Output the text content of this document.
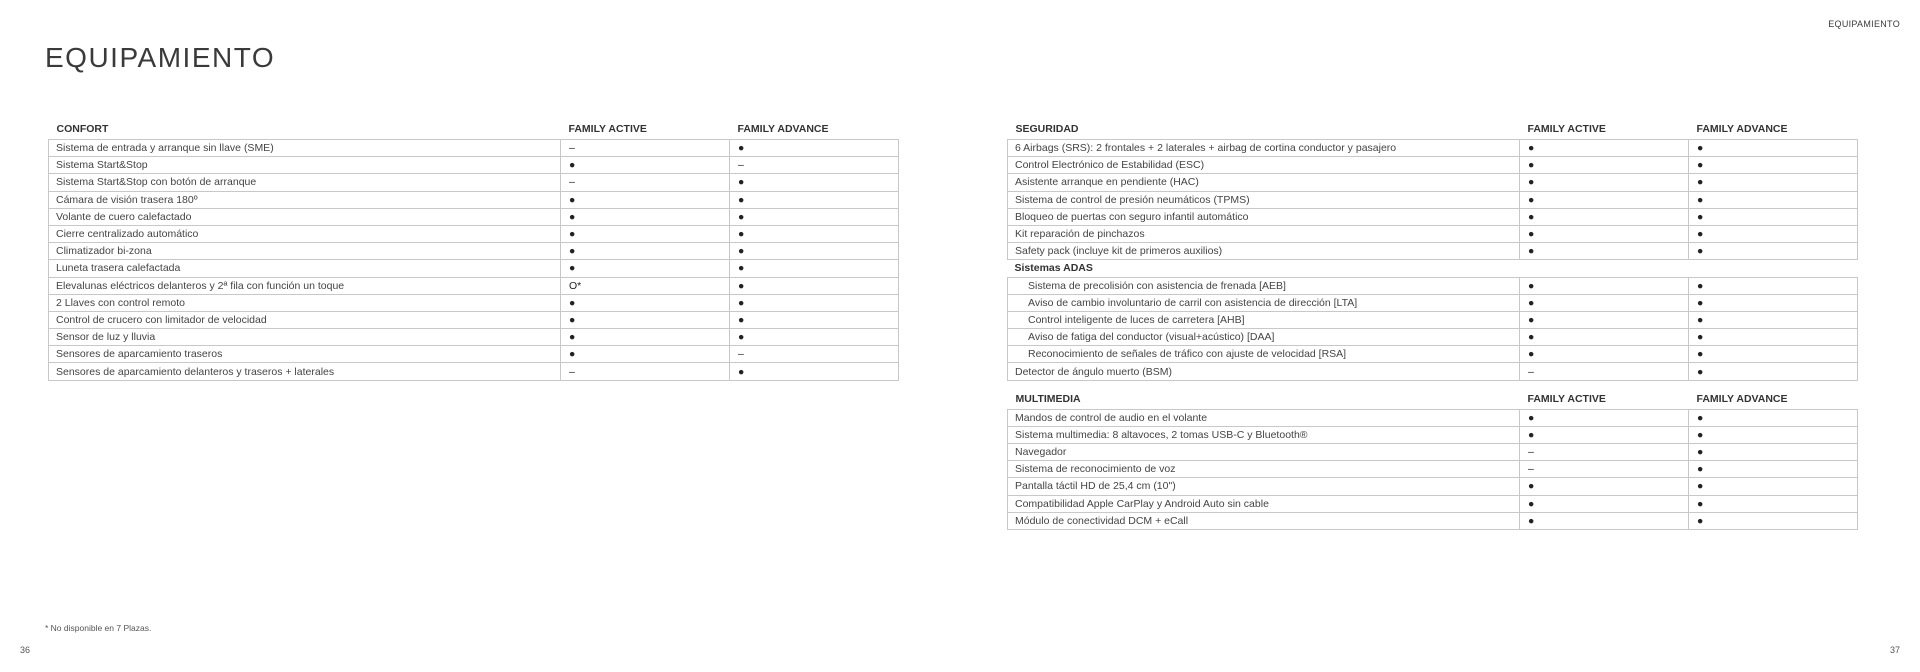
EQUIPAMIENTO
EQUIPAMIENTO
CONFORT	FAMILY ACTIVE	FAMILY ADVANCE
Sistema de entrada y arranque sin llave (SME)	–	●
Sistema Start&Stop	●	–
Sistema Start&Stop con botón de arranque	–	●
Cámara de visión trasera 180º	●	●
Volante de cuero calefactado	●	●
Cierre centralizado automático	●	●
Climatizador bi-zona	●	●
Luneta trasera calefactada	●	●
Elevalunas eléctricos delanteros y 2ª fila con función un toque	O*	●
2 Llaves con control remoto	●	●
Control de crucero con limitador de velocidad	●	●
Sensor de luz y lluvia	●	●
Sensores de aparcamiento traseros	●	–
Sensores de aparcamiento delanteros y traseros + laterales	–	●
SEGURIDAD	FAMILY ACTIVE	FAMILY ADVANCE
6 Airbags (SRS): 2 frontales + 2 laterales + airbag de cortina conductor y pasajero	●	●
Control Electrónico de Estabilidad (ESC)	●	●
Asistente arranque en pendiente (HAC)	●	●
Sistema de control de presión neumáticos (TPMS)	●	●
Bloqueo de puertas con seguro infantil automático	●	●
Kit reparación de pinchazos	●	●
Safety pack (incluye kit de primeros auxilios)	●	●
Sistemas ADAS		
Sistema de precolisión con asistencia de frenada [AEB]	●	●
Aviso de cambio involuntario de carril con asistencia de dirección [LTA]	●	●
Control inteligente de luces de carretera [AHB]	●	●
Aviso de fatiga del conductor (visual+acústico) [DAA]	●	●
Reconocimiento de señales de tráfico con ajuste de velocidad [RSA]	●	●
Detector de ángulo muerto (BSM)	–	●
MULTIMEDIA	FAMILY ACTIVE	FAMILY ADVANCE
Mandos de control de audio en el volante	●	●
Sistema multimedia: 8 altavoces, 2 tomas USB-C y Bluetooth®	●	●
Navegador	–	●
Sistema de reconocimiento de voz	–	●
Pantalla táctil HD de 25,4 cm (10")	●	●
Compatibilidad Apple CarPlay y Android Auto sin cable	●	●
Módulo de conectividad DCM + eCall	●	●
* No disponible en 7 Plazas.
36	37
